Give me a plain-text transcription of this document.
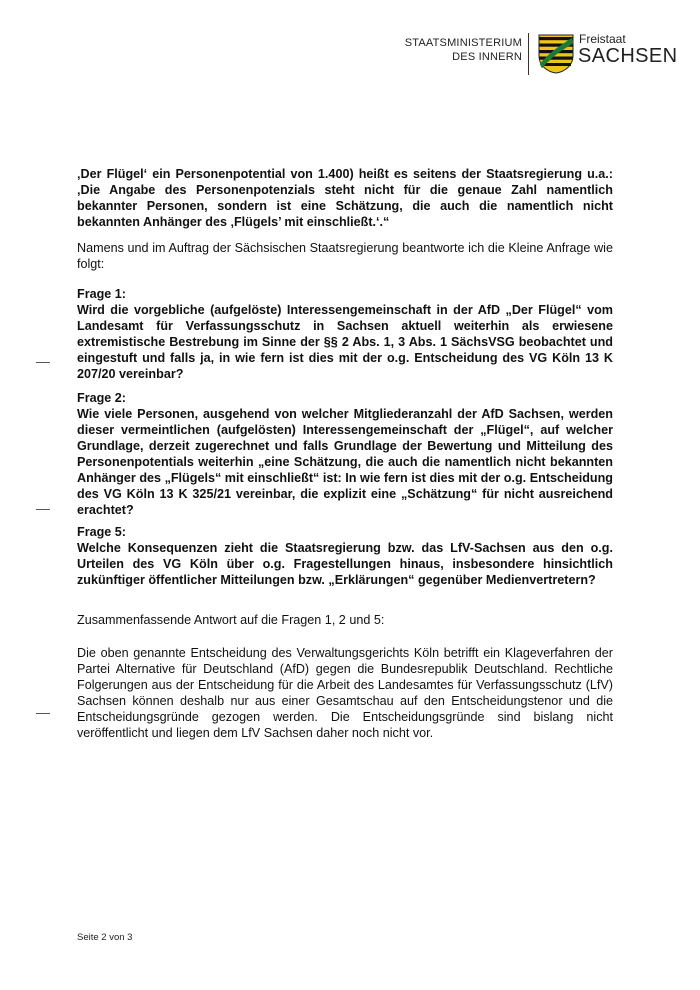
STAATSMINISTERIUM
DES INNERN
Freistaat
SACHSEN
‚Der Flügel‘ ein Personenpotential von 1.400) heißt es seitens der Staatsregierung u.a.: ‚Die Angabe des Personenpotenzials steht nicht für die genaue Zahl namentlich bekannter Personen, sondern ist eine Schätzung, die auch die namentlich nicht bekannten Anhänger des ‚Flügels’ mit einschließt.‘.“
Namens und im Auftrag der Sächsischen Staatsregierung beantworte ich die Kleine Anfrage wie folgt:
Frage 1:
Wird die vorgebliche (aufgelöste) Interessengemeinschaft in der AfD „Der Flügel“ vom Landesamt für Verfassungsschutz in Sachsen aktuell weiterhin als erwiesene extremistische Bestrebung im Sinne der §§ 2 Abs. 1, 3 Abs. 1 SächsVSG beobachtet und eingestuft und falls ja, in wie fern ist dies mit der o.g. Entscheidung des VG Köln 13 K 207/20 vereinbar?
Frage 2:
Wie viele Personen, ausgehend von welcher Mitgliederanzahl der AfD Sachsen, werden dieser vermeintlichen (aufgelösten) Interessengemeinschaft der „Flügel“, auf welcher Grundlage, derzeit zugerechnet und falls Grundlage der Bewertung und Mitteilung des Personenpotentials weiterhin „eine Schätzung, die auch die namentlich nicht bekannten Anhänger des „Flügels“ mit einschließt“ ist: In wie fern ist dies mit der o.g. Entscheidung des VG Köln 13 K 325/21 vereinbar, die explizit eine „Schätzung“ für nicht ausreichend erachtet?
Frage 5:
Welche Konsequenzen zieht die Staatsregierung bzw. das LfV-Sachsen aus den o.g. Urteilen des VG Köln über o.g. Fragestellungen hinaus, insbesondere hinsichtlich zukünftiger öffentlicher Mitteilungen bzw. „Erklärungen“ gegenüber Medienvertretern?
Zusammenfassende Antwort auf die Fragen 1, 2 und 5:
Die oben genannte Entscheidung des Verwaltungsgerichts Köln betrifft ein Klageverfahren der Partei Alternative für Deutschland (AfD) gegen die Bundesrepublik Deutschland. Rechtliche Folgerungen aus der Entscheidung für die Arbeit des Landesamtes für Verfassungsschutz (LfV) Sachsen können deshalb nur aus einer Gesamtschau auf den Entscheidungstenor und die Entscheidungsgründe gezogen werden. Die Entscheidungsgründe sind bislang nicht veröffentlicht und liegen dem LfV Sachsen daher noch nicht vor.
Seite 2 von 3
